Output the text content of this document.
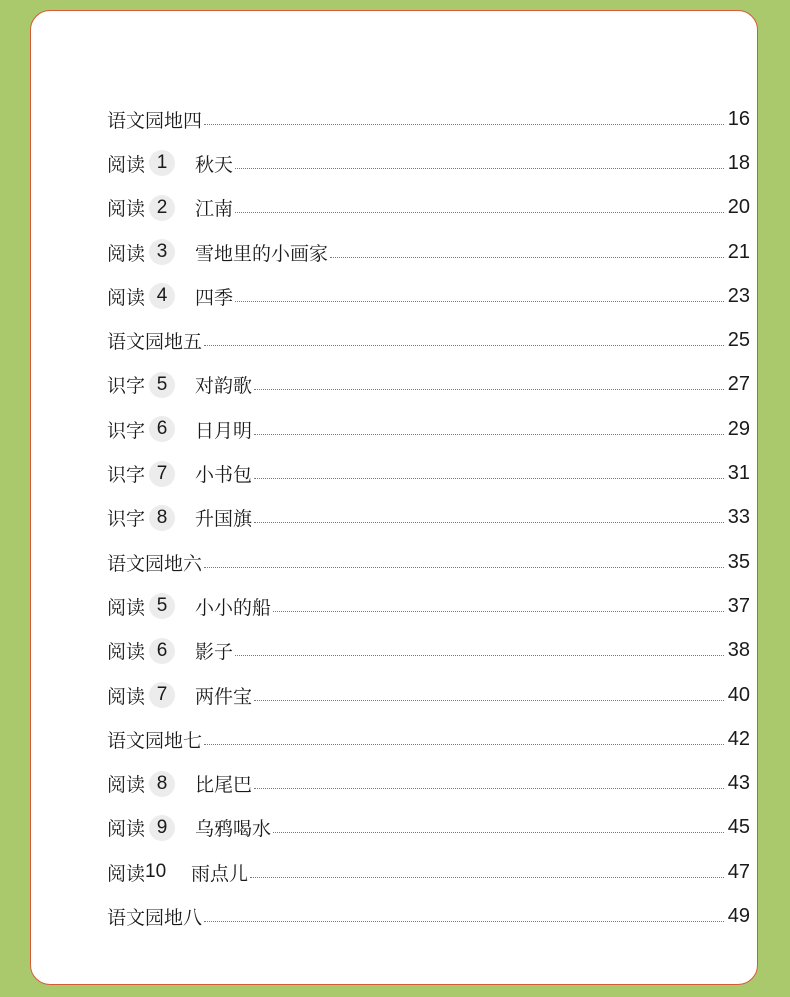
语文园地四	16
阅读 1	秋天	18
阅读 2	江南	20
阅读 3	雪地里的小画家	21
阅读 4	四季	23
语文园地五	25
识字 5	对韵歌	27
识字 6	日月明	29
识字 7	小书包	31
识字 8	升国旗	33
语文园地六	35
阅读 5	小小的船	37
阅读 6	影子	38
阅读 7	两件宝	40
语文园地七	42
阅读 8	比尾巴	43
阅读 9	乌鸦喝水	45
阅读 10 雨点儿	47
语文园地八	49
